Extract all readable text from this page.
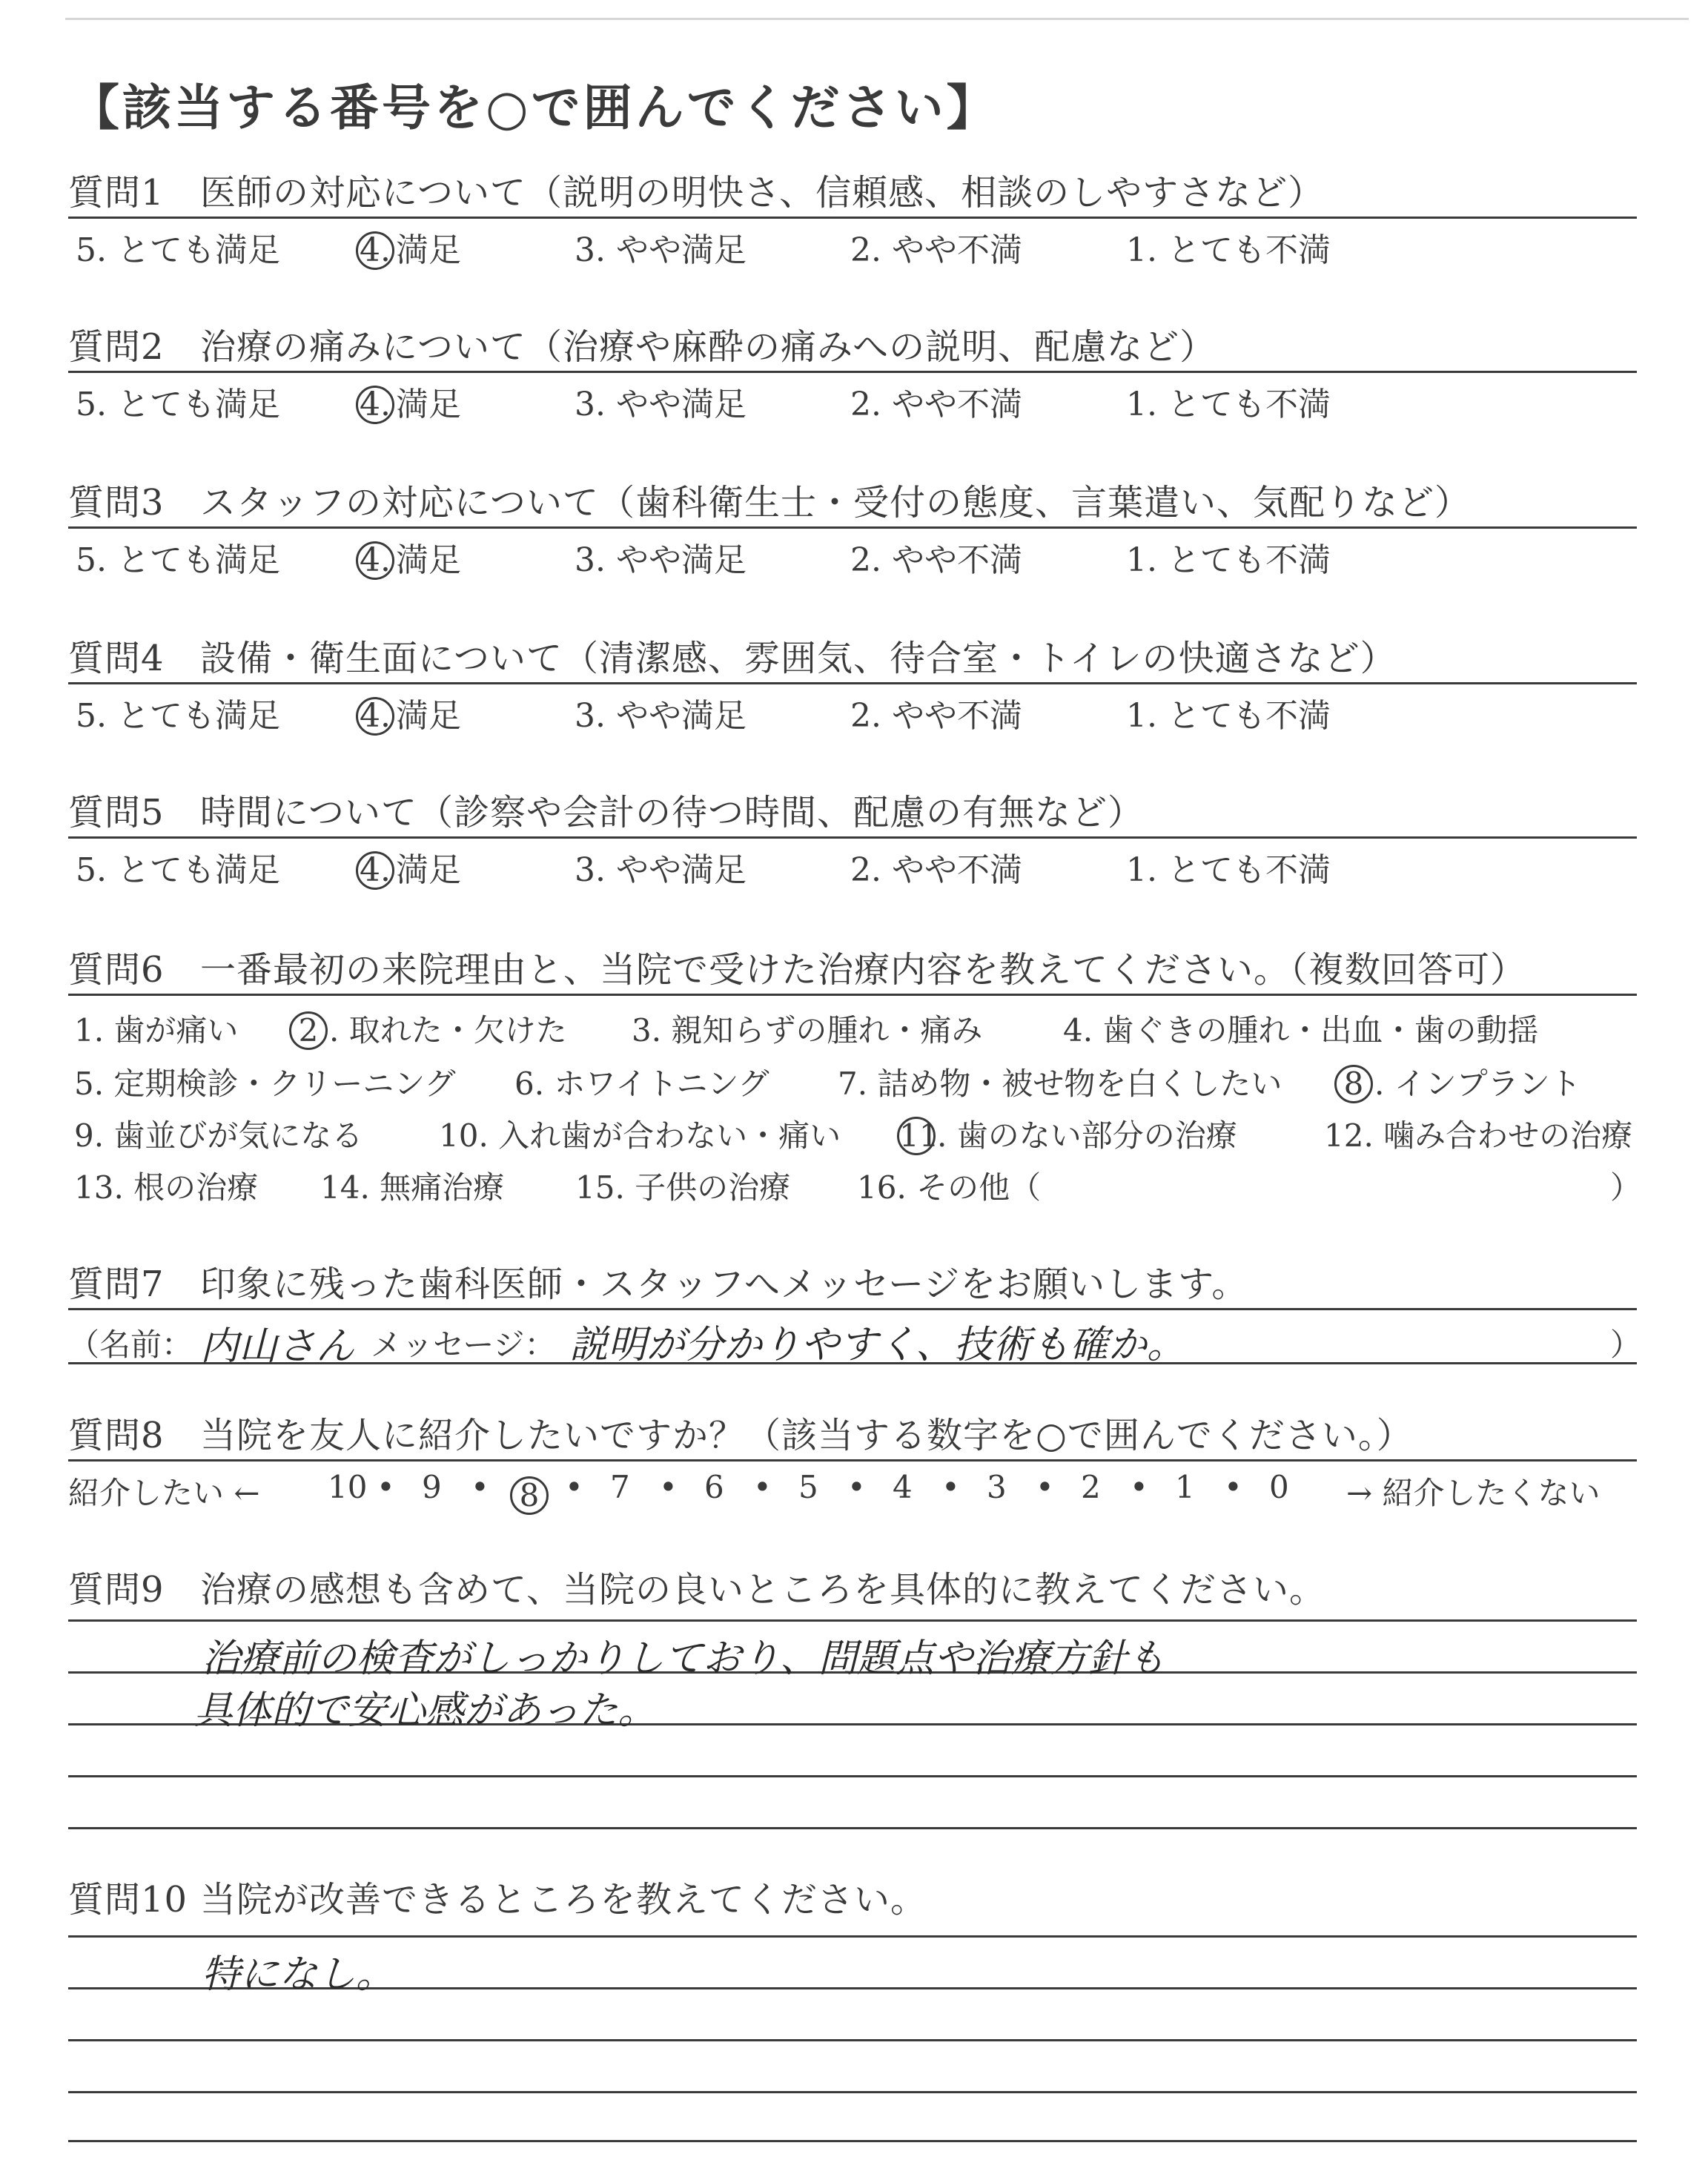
【該当する番号を○で囲んでください】
質問1 医師の対応について（説明の明快さ、信頼感、相談のしやすさなど）
5. とても満足 4. 満足	3. やや満足	2. やや不満	1. とても不満
質問2 治療の痛みについて（治療や麻酔の痛みへの説明、配慮など）
5. とても満足 4. 満足	3. やや満足	2. やや不満	1. とても不満
質問3 スタッフの対応について（歯科衛生士・受付の態度、言葉遣い、気配りなど）
5. とても満足 4. 満足	3. やや満足	2. やや不満	1. とても不満
質問4 設備・衛生面について（清潔感、雰囲気、待合室・トイレの快適さなど）
5. とても満足 4. 満足	3. やや満足	2. やや不満	1. とても不満
質問5 時間について（診察や会計の待つ時間、配慮の有無など）
5. とても満足 4. 満足	3. やや満足	2. やや不満	1. とても不満
質問6 一番最初の来院理由と、当院で受けた治療内容を教えてください。（複数回答可）
1. 歯が痛い	2 . 取れた・欠けた 3. 親知らずの腫れ・痛み	4. 歯ぐきの腫れ・出血・歯の動揺
5. 定期検診・クリーニング 6. ホワイトニング 7. 詰め物・被せ物を白くしたい	8 . インプラント
9. 歯並びが気になる 10. 入れ歯が合わない・痛い 11. 歯のない部分の治療	12. 噛み合わせの治療
13. 根の治療 14. 無痛治療 15. 子供の治療 16. その他（	）
質問7 印象に残った歯科医師・スタッフへメッセージをお願いします。
（名前： 内山さん メッセージ： 説明が分かりやすく、技術も確か。	）
質問8 当院を友人に紹介したいですか？（該当する数字を○で囲んでください。）
紹介したい ←	→ 紹介したくない
10 • 9 • 8 • 7 • 6 • 5 • 4 • 3 • 2 • 1 • 0
質問9 治療の感想も含めて、当院の良いところを具体的に教えてください。
治療前の検査がしっかりしており、問題点や治療方針も
具体的で安心感があった。
質問10 当院が改善できるところを教えてください。
特になし。
